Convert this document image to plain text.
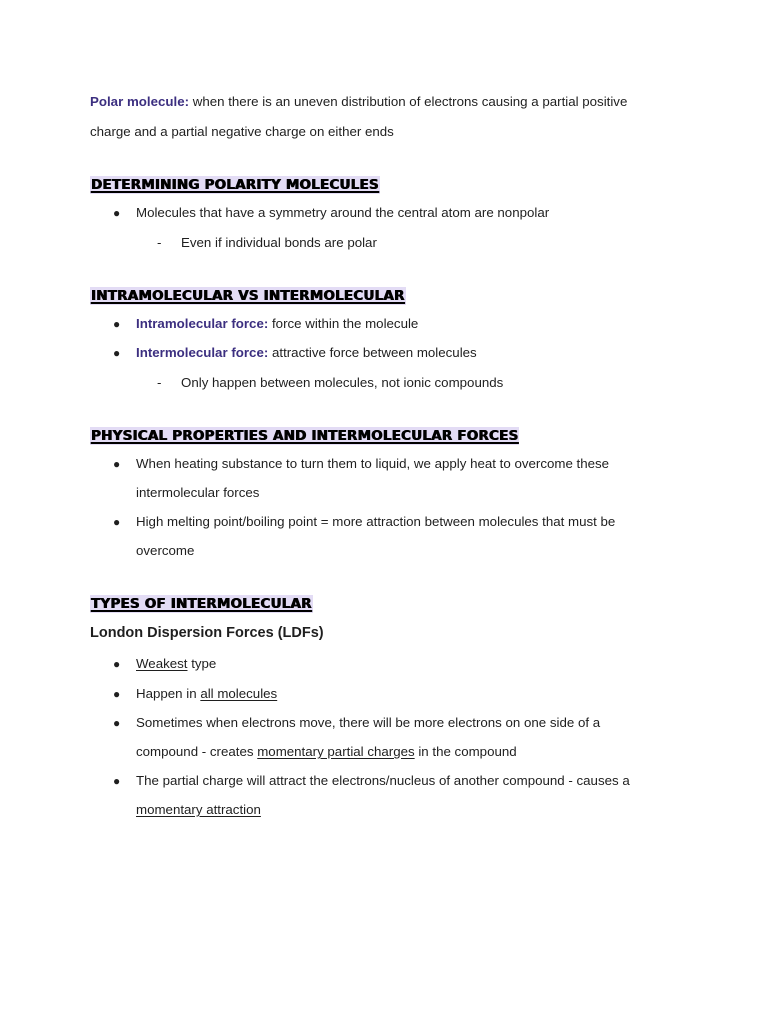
Polar molecule: when there is an uneven distribution of electrons causing a partial positive
charge and a partial negative charge on either ends
DETERMINING POLARITY MOLECULES
● Molecules that have a symmetry around the central atom are nonpolar
- Even if individual bonds are polar
INTRAMOLECULAR VS INTERMOLECULAR
● Intramolecular force: force within the molecule
● Intermolecular force: attractive force between molecules
- Only happen between molecules, not ionic compounds
PHYSICAL PROPERTIES AND INTERMOLECULAR FORCES
● When heating substance to turn them to liquid, we apply heat to overcome these
intermolecular forces
● High melting point/boiling point = more attraction between molecules that must be
overcome
TYPES OF INTERMOLECULAR
London Dispersion Forces (LDFs)
● Weakest type
● Happen in all molecules
● Sometimes when electrons move, there will be more electrons on one side of a
compound - creates momentary partial charges in the compound
● The partial charge will attract the electrons/nucleus of another compound - causes a
momentary attraction
